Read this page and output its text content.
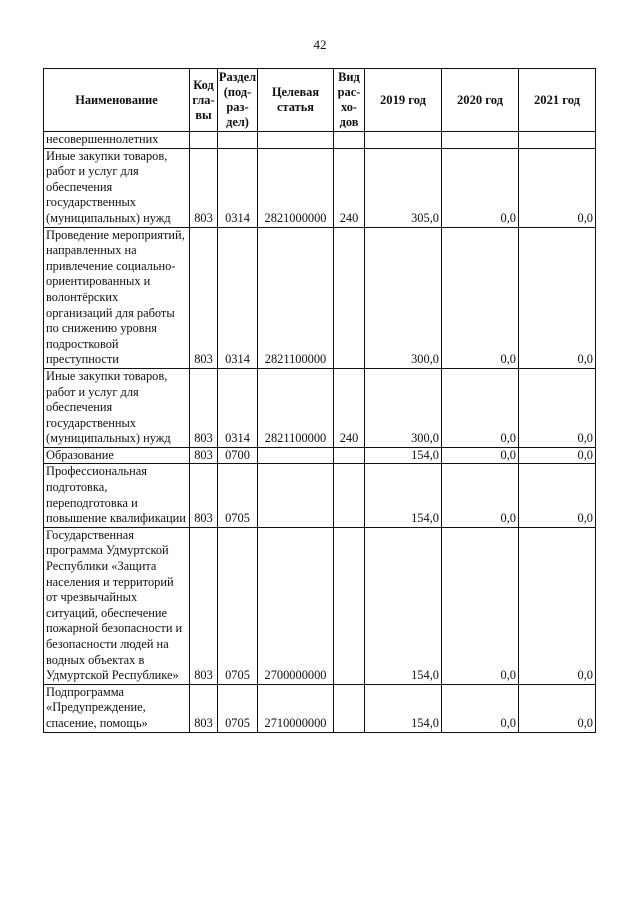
42
Наименование	Код гла- вы	Раздел (под- раз- дел)	Целевая статья	Вид рас- хо- дов	2019 год	2020 год	2021 год
несовершеннолетних							
Иные закупки товаров, работ и услуг для обеспечения государственных (муниципальных) нужд	803	0314	2821000000	240	305,0	0,0	0,0
Проведение мероприятий, направленных на привлечение социально-ориентированных и волонтёрских организаций для работы по снижению уровня подростковой преступности	803	0314	2821100000		300,0	0,0	0,0
Иные закупки товаров, работ и услуг для обеспечения государственных (муниципальных) нужд	803	0314	2821100000	240	300,0	0,0	0,0
Образование	803	0700			154,0	0,0	0,0
Профессиональная подготовка, переподготовка и повышение квалификации	803	0705			154,0	0,0	0,0
Государственная программа Удмуртской Республики «Защита населения и территорий от чрезвычайных ситуаций, обеспечение пожарной безопасности и безопасности людей на водных объектах в Удмуртской Республике»	803	0705	2700000000		154,0	0,0	0,0
Подпрограмма «Предупреждение, спасение, помощь»	803	0705	2710000000		154,0	0,0	0,0
